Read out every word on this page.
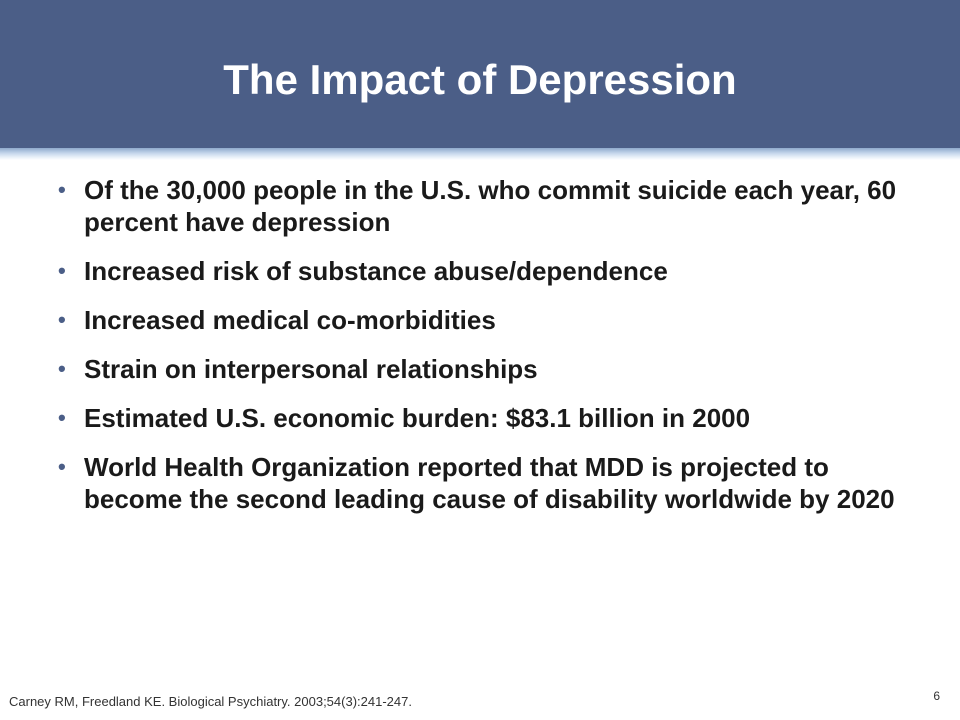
The Impact of Depression
• Of the 30,000 people in the U.S. who commit suicide each year, 60 percent have depression
• Increased risk of substance abuse/dependence
• Increased medical co-morbidities
• Strain on interpersonal relationships
• Estimated U.S. economic burden: $83.1 billion in 2000
• World Health Organization reported that MDD is projected to become the second leading cause of disability worldwide by 2020
Carney RM, Freedland KE. Biological Psychiatry. 2003;54(3):241-247.	6
